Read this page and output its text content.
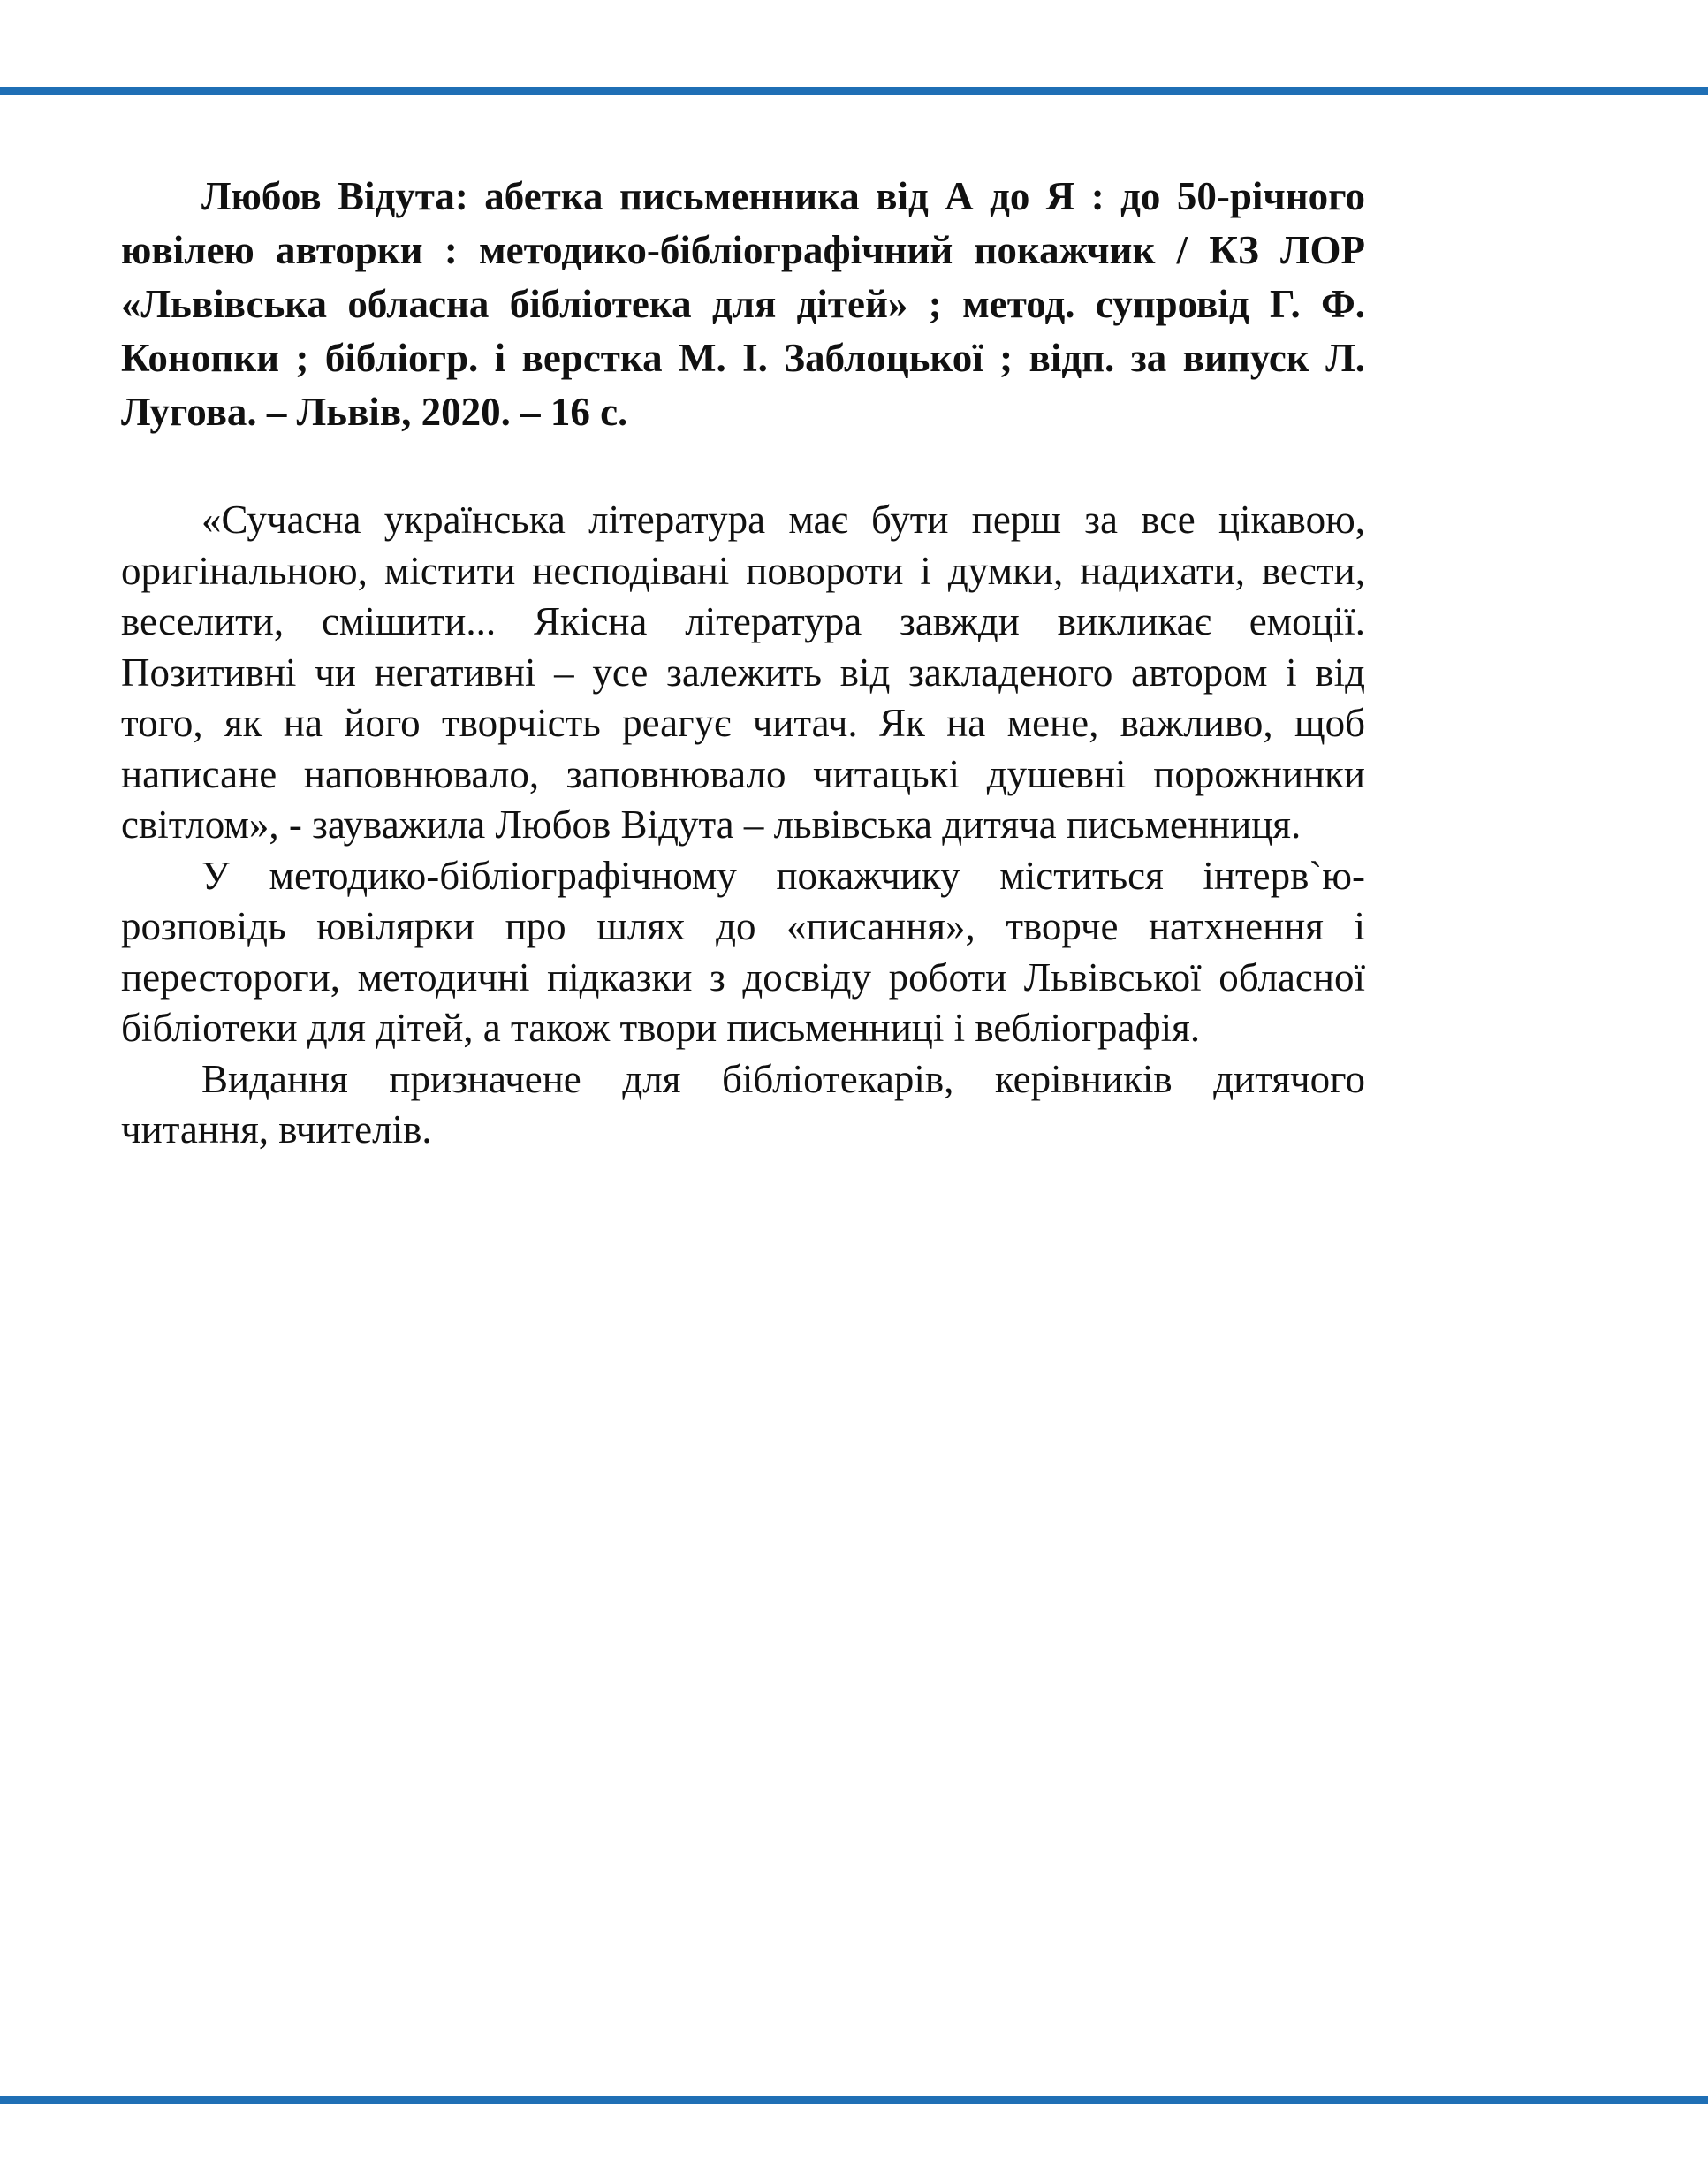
Любов Відута: абетка письменника від А до Я : до 50-річного ювілею авторки : методико-бібліографічний покажчик / КЗ ЛОР «Львівська обласна бібліотека для дітей» ; метод. супровід Г. Ф. Конопки ; бібліогр. і верстка М. І. Заблоцької ; відп. за випуск Л. Лугова. – Львів, 2020. – 16 с.

«Сучасна українська література має бути перш за все цікавою, оригінальною, містити несподівані повороти і думки, надихати, вести, веселити, смішити... Якісна література завжди викликає емоції. Позитивні чи негативні – усе залежить від закладеного автором і від того, як на його творчість реагує читач. Як на мене, важливо, щоб написане наповнювало, заповнювало читацькі душевні порожнинки світлом», - зауважила Любов Відута – львівська дитяча письменниця.

У методико-бібліографічному покажчику міститься інтерв`ю-розповідь ювілярки про шлях до «писання», творче натхнення і перестороги, методичні підказки з досвіду роботи Львівської обласної бібліотеки для дітей, а також твори письменниці і вебліографія.

Видання призначене для бібліотекарів, керівників дитячого читання, вчителів.
